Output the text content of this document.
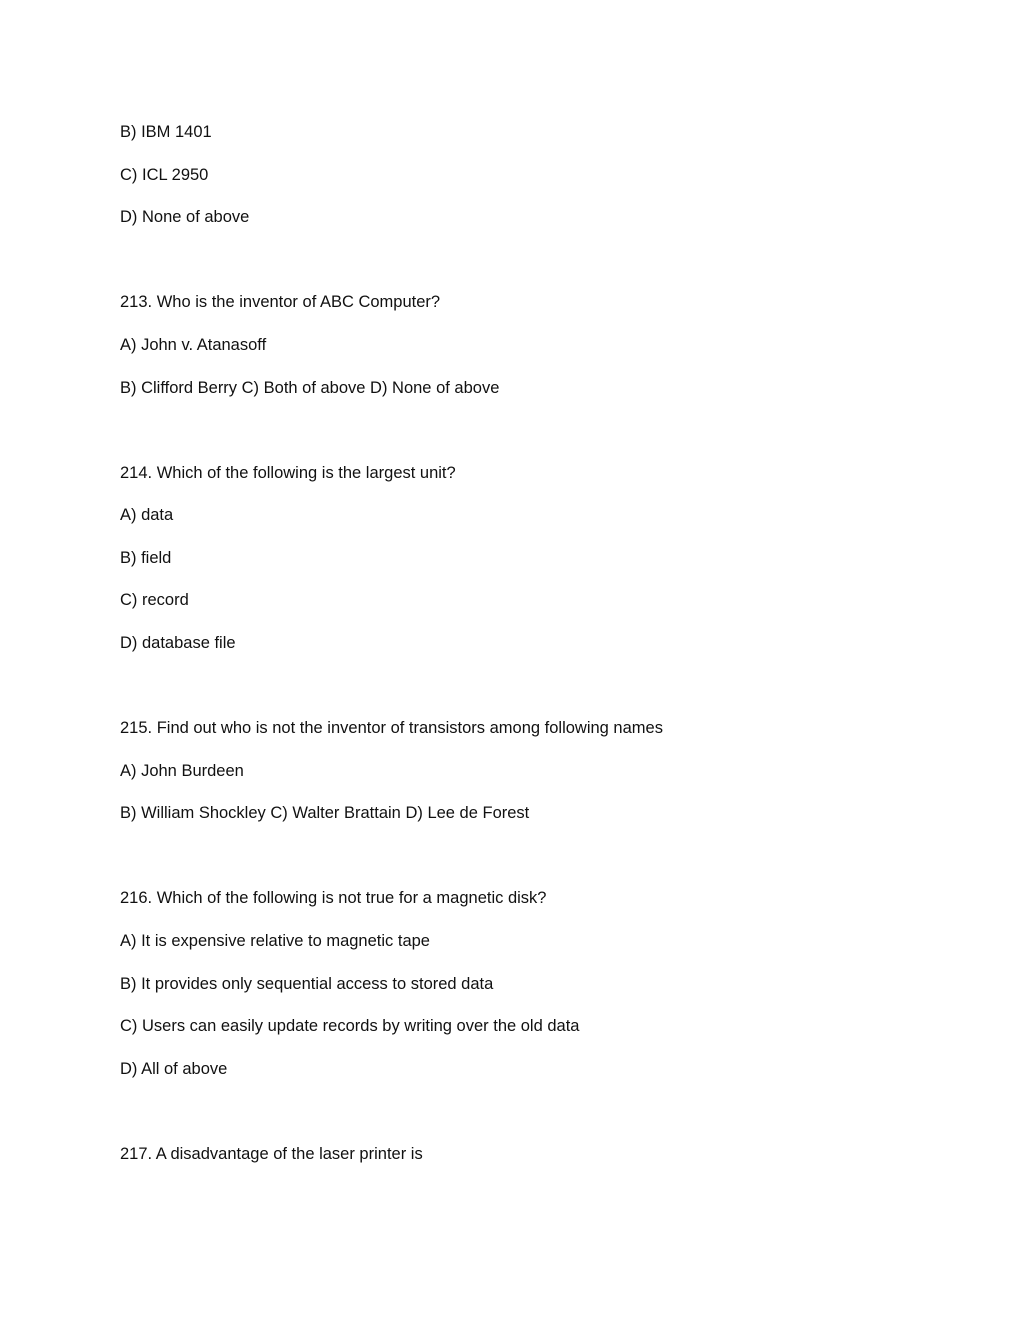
B) IBM 1401
C) ICL 2950
D) None of above
213. Who is the inventor of ABC Computer?
A) John v. Atanasoff
B) Clifford Berry C) Both of above D) None of above
214. Which of the following is the largest unit?
A) data
B) field
C) record
D) database file
215. Find out who is not the inventor of transistors among following names
A) John Burdeen
B) William Shockley C) Walter Brattain D) Lee de Forest
216. Which of the following is not true for a magnetic disk?
A) It is expensive relative to magnetic tape
B) It provides only sequential access to stored data
C) Users can easily update records by writing over the old data
D) All of above
217. A disadvantage of the laser printer is
